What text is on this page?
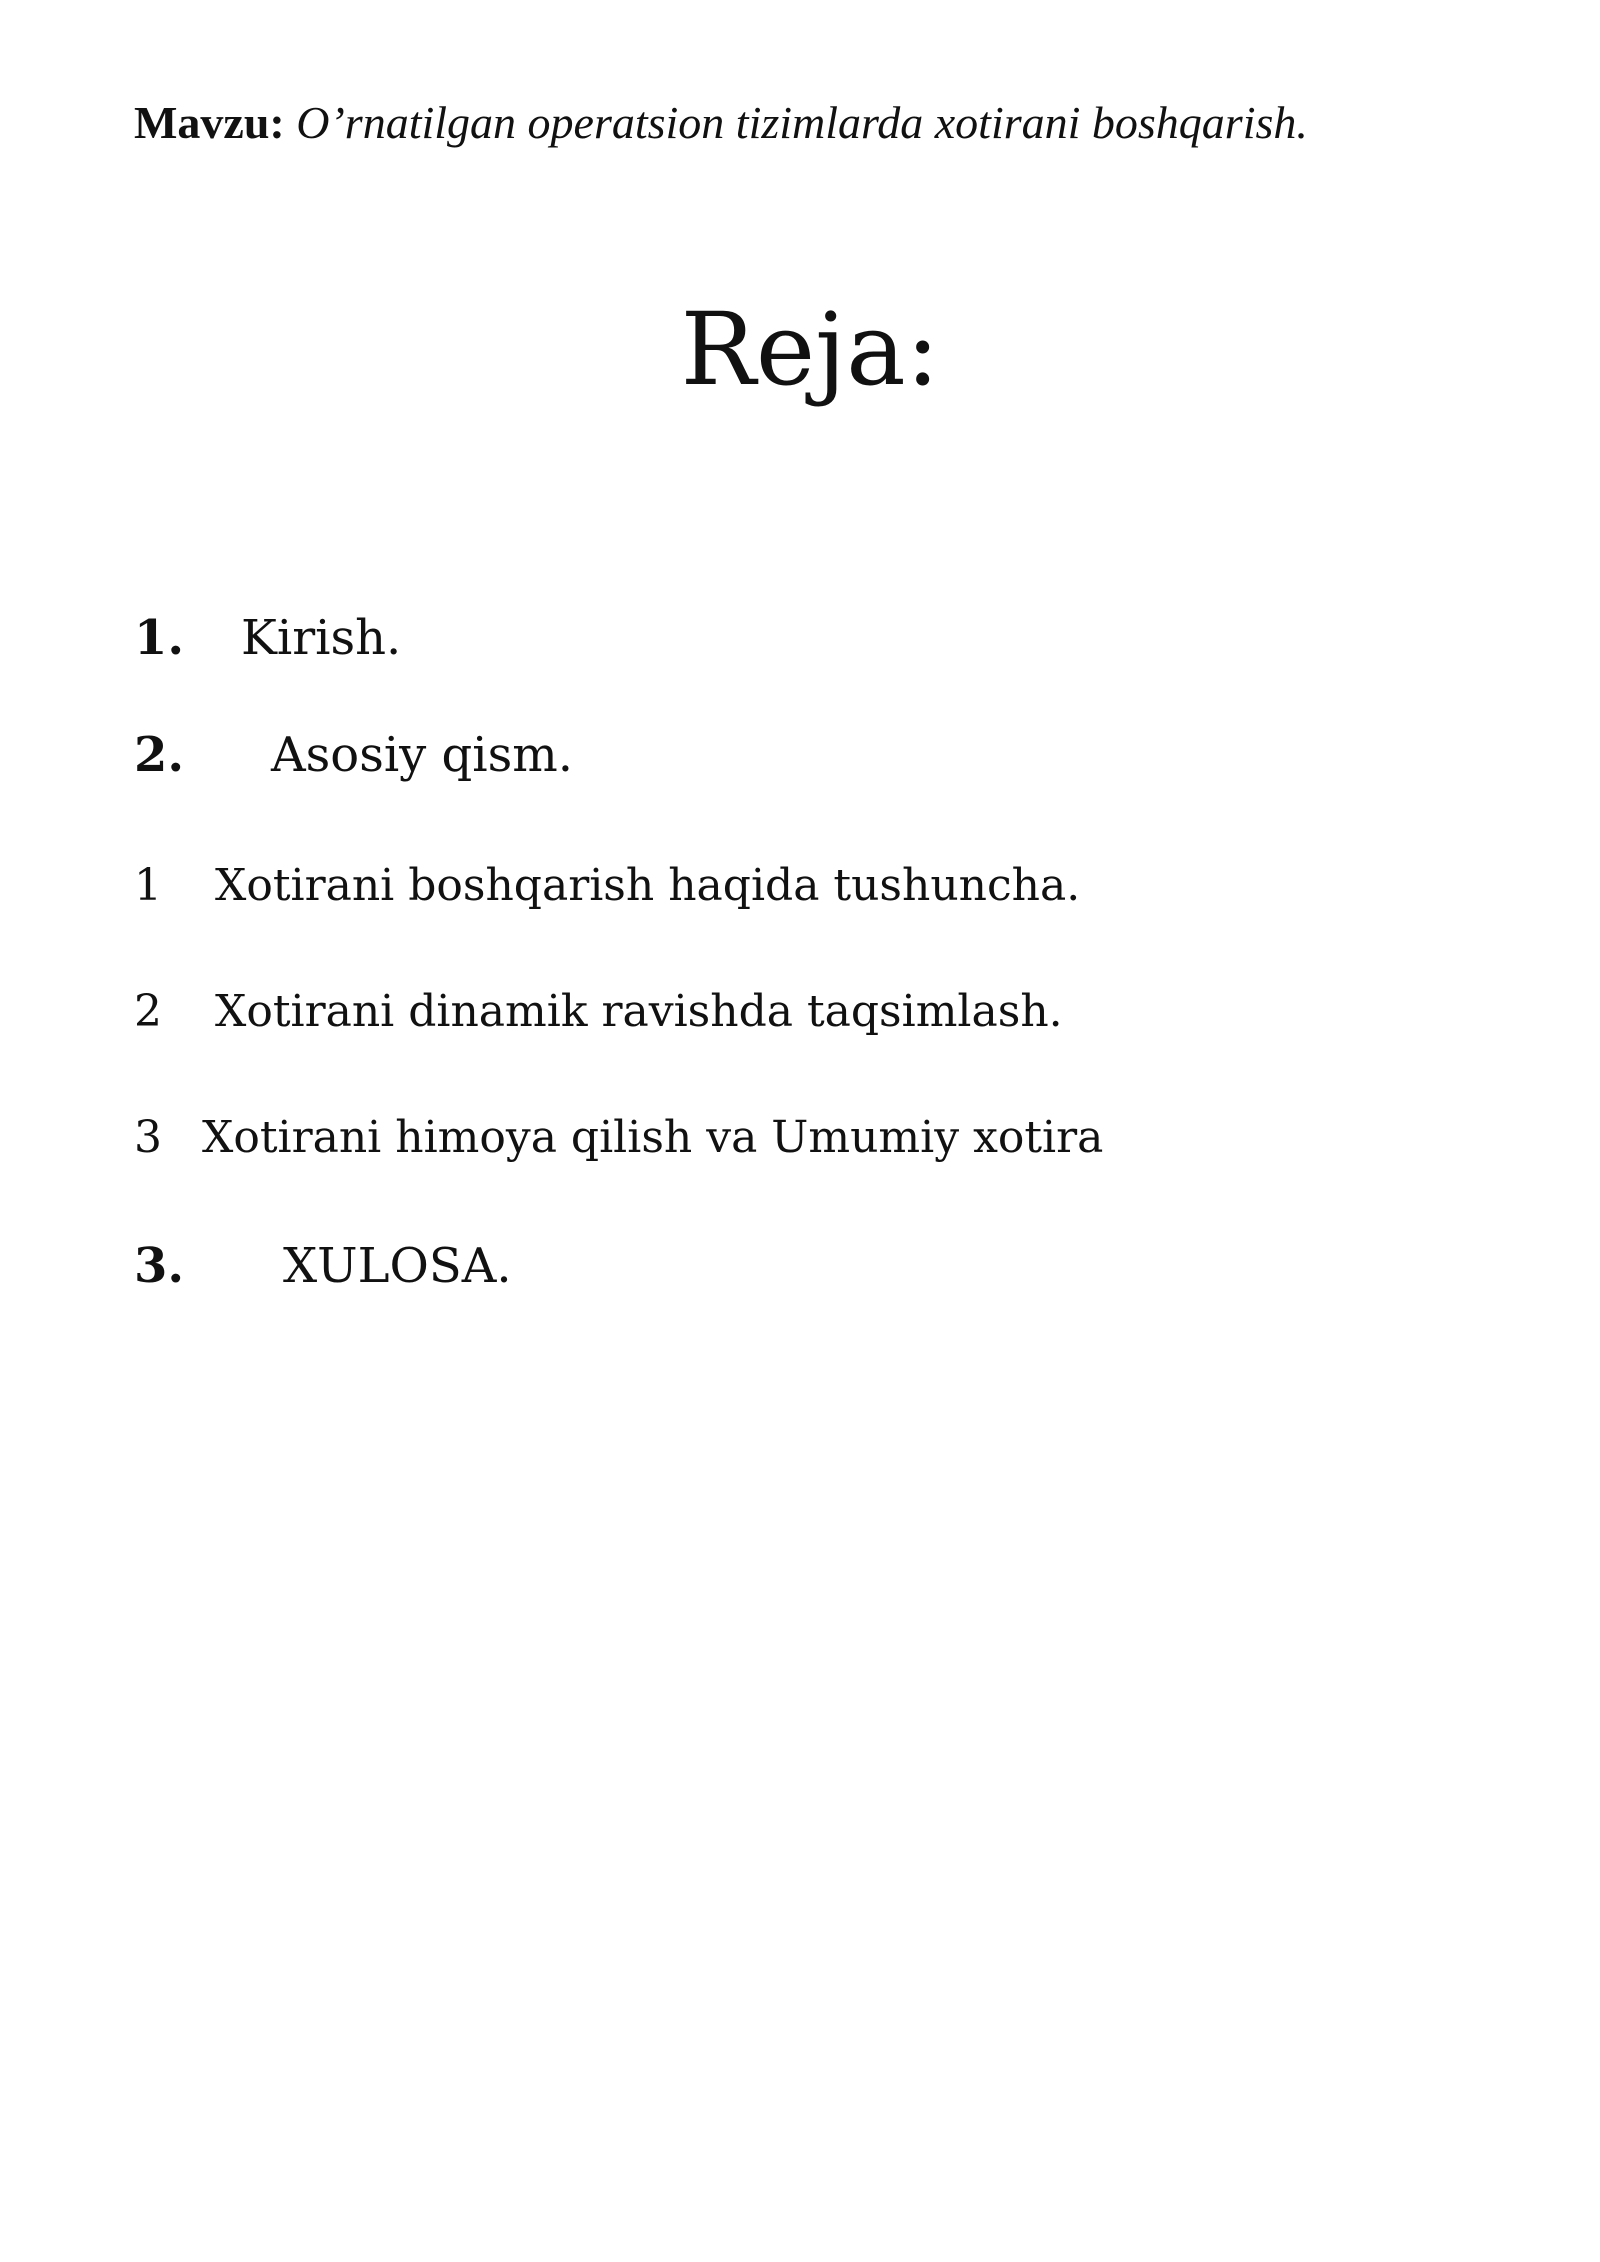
Mavzu: O’rnatilgan operatsion tizimlarda xotirani boshqarish.
Reja:
1. Kirish.
2. Asosiy qism.
1 Xotirani boshqarish haqida tushuncha.
2 Xotirani dinamik ravishda taqsimlash.
3 Xotirani himoya qilish va Umumiy xotira
3. XULOSA.
